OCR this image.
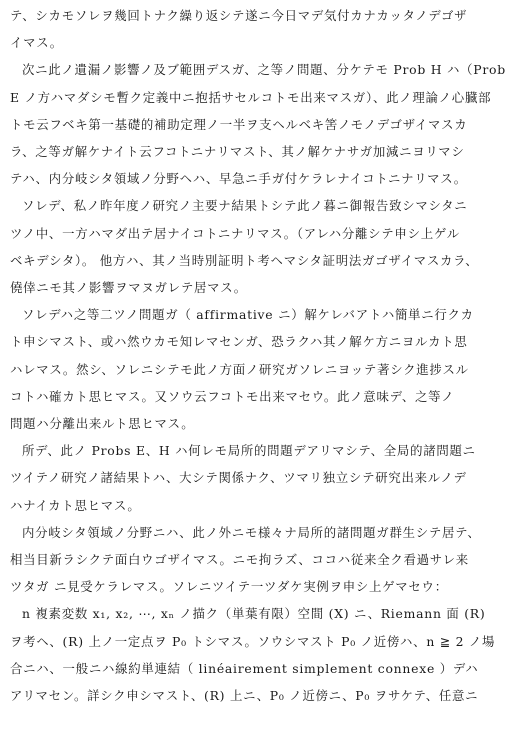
テ、シカモソレヲ幾回トナク繰り返シテ遂ニ今日マデ気付カナカッタノデゴザ
イマス。
次ニ此ノ遺漏ノ影響ノ及ブ範囲デスガ、之等ノ問題、分ケテモ Prob H ハ（Prob
E ノ方ハマダシモ暫ク定義中ニ抱括サセルコトモ出来マスガ）、此ノ理論ノ心臓部
トモ云フベキ第一基礎的補助定理ノ一半ヲ支ヘルベキ筈ノモノデゴザイマスカ
ラ、之等ガ解ケナイト云フコトニナリマスト、其ノ解ケナサガ加減ニヨリマシ
テハ、内分岐シタ領域ノ分野ヘハ、早急ニ手ガ付ケラレナイコトニナリマス。
ソレデ、私ノ昨年度ノ研究ノ主要ナ結果トシテ此ノ暮ニ御報告致シマシタニ
ツノ中、一方ハマダ出テ居ナイコトニナリマス。（アレハ分離シテ申シ上ゲル
ベキデシタ）。 他方ハ、其ノ当時別証明ト考ヘマシタ証明法ガゴザイマスカラ、
僥倖ニモ其ノ影響ヲマヌガレテ居マス。
ソレデハ之等二ツノ問題ガ（ affirmative ニ）解ケレバアトハ簡単ニ行クカ
ト申シマスト、或ハ然ウカモ知レマセンガ、恐ラクハ其ノ解ケ方ニヨルカト思
ハレマス。然シ、ソレニシテモ此ノ方面ノ研究ガソレニヨッテ著シク進捗スル
コトハ確カト思ヒマス。又ソウ云フコトモ出来マセウ。此ノ意味デ、之等ノ
問題ハ分離出来ルト思ヒマス。
所デ、此ノ Probs E、H ハ何レモ局所的問題デアリマシテ、全局的諸問題ニ
ツイテノ研究ノ諸結果トハ、大シテ関係ナク、ツマリ独立シテ研究出来ルノデ
ハナイカト思ヒマス。
内分岐シタ領域ノ分野ニハ、此ノ外ニモ様々ナ局所的諸問題ガ群生シテ居テ、
相当目新ラシクテ面白ウゴザイマス。ニモ拘ラズ、ココハ従来全ク看過サレ来
ツタガ ニ見受ケラレマス。ソレニツイテ一ツダケ実例ヲ申シ上ゲマセウ：
n 複素変数 x₁, x₂, ⋯, xₙ ノ描ク（単葉有限）空間 (X) ニ、Riemann 面 (R)
ヲ考ヘ、(R) 上ノ一定点ヲ P₀ トシマス。ソウシマスト P₀ ノ近傍ハ、n ≧ 2 ノ場
合ニハ、一般ニハ線約単連結（ linéairement simplement connexe ）デハ
アリマセン。詳シク申シマスト、(R) 上ニ、P₀ ノ近傍ニ、P₀ ヲサケテ、任意ニ
